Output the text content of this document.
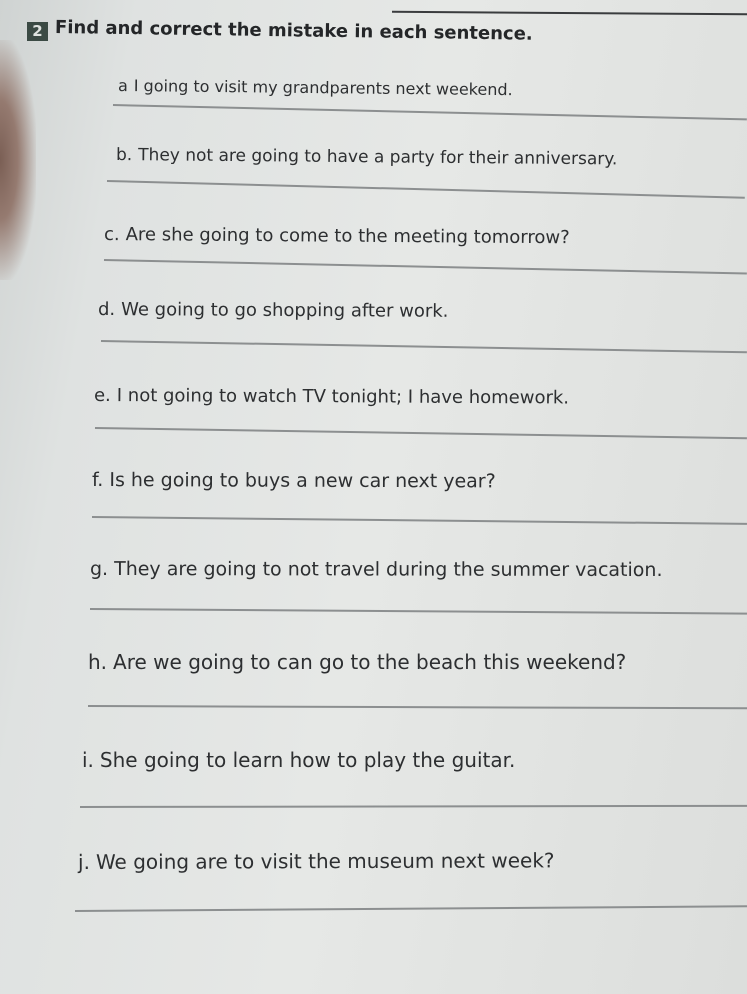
2 Find and correct the mistake in each sentence.
a I going to visit my grandparents next weekend.
b. They not are going to have a party for their anniversary.
c. Are she going to come to the meeting tomorrow?
d. We going to go shopping after work.
e. I not going to watch TV tonight; I have homework.
f. Is he going to buys a new car next year?
g. They are going to not travel during the summer vacation.
h. Are we going to can go to the beach this weekend?
i. She going to learn how to play the guitar.
j. We going are to visit the museum next week?
